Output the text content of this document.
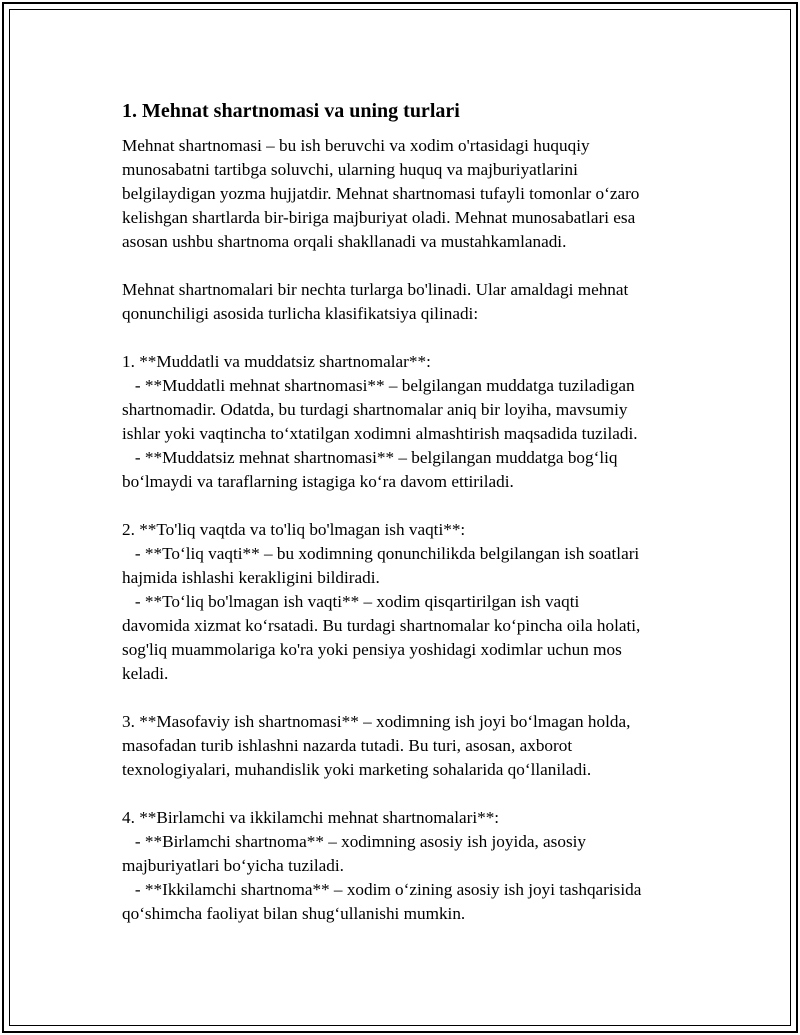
1. Mehnat shartnomasi va uning turlari

Mehnat shartnomasi – bu ish beruvchi va xodim o'rtasidagi huquqiy

munosabatni tartibga soluvchi, ularning huquq va majburiyatlarini

belgilaydigan yozma hujjatdir. Mehnat shartnomasi tufayli tomonlar o‘zaro

kelishgan shartlarda bir-biriga majburiyat oladi. Mehnat munosabatlari esa

asosan ushbu shartnoma orqali shakllanadi va mustahkamlanadi.

Mehnat shartnomalari bir nechta turlarga bo'linadi. Ular amaldagi mehnat

qonunchiligi asosida turlicha klasifikatsiya qilinadi:

1. **Muddatli va muddatsiz shartnomalar**:

- **Muddatli mehnat shartnomasi** – belgilangan muddatga tuziladigan

shartnomadir. Odatda, bu turdagi shartnomalar aniq bir loyiha, mavsumiy

ishlar yoki vaqtincha to‘xtatilgan xodimni almashtirish maqsadida tuziladi.

- **Muddatsiz mehnat shartnomasi** – belgilangan muddatga bog‘liq

bo‘lmaydi va taraflarning istagiga ko‘ra davom ettiriladi.

2. **To'liq vaqtda va to'liq bo'lmagan ish vaqti**:

- **To‘liq vaqti** – bu xodimning qonunchilikda belgilangan ish soatlari

hajmida ishlashi kerakligini bildiradi.

- **To‘liq bo'lmagan ish vaqti** – xodim qisqartirilgan ish vaqti

davomida xizmat ko‘rsatadi. Bu turdagi shartnomalar ko‘pincha oila holati,

sog'liq muammolariga ko'ra yoki pensiya yoshidagi xodimlar uchun mos

keladi.

3. **Masofaviy ish shartnomasi** – xodimning ish joyi bo‘lmagan holda,

masofadan turib ishlashni nazarda tutadi. Bu turi, asosan, axborot

texnologiyalari, muhandislik yoki marketing sohalarida qo‘llaniladi.

4. **Birlamchi va ikkilamchi mehnat shartnomalari**:

- **Birlamchi shartnoma** – xodimning asosiy ish joyida, asosiy

majburiyatlari bo‘yicha tuziladi.

- **Ikkilamchi shartnoma** – xodim o‘zining asosiy ish joyi tashqarisida

qo‘shimcha faoliyat bilan shug‘ullanishi mumkin.
